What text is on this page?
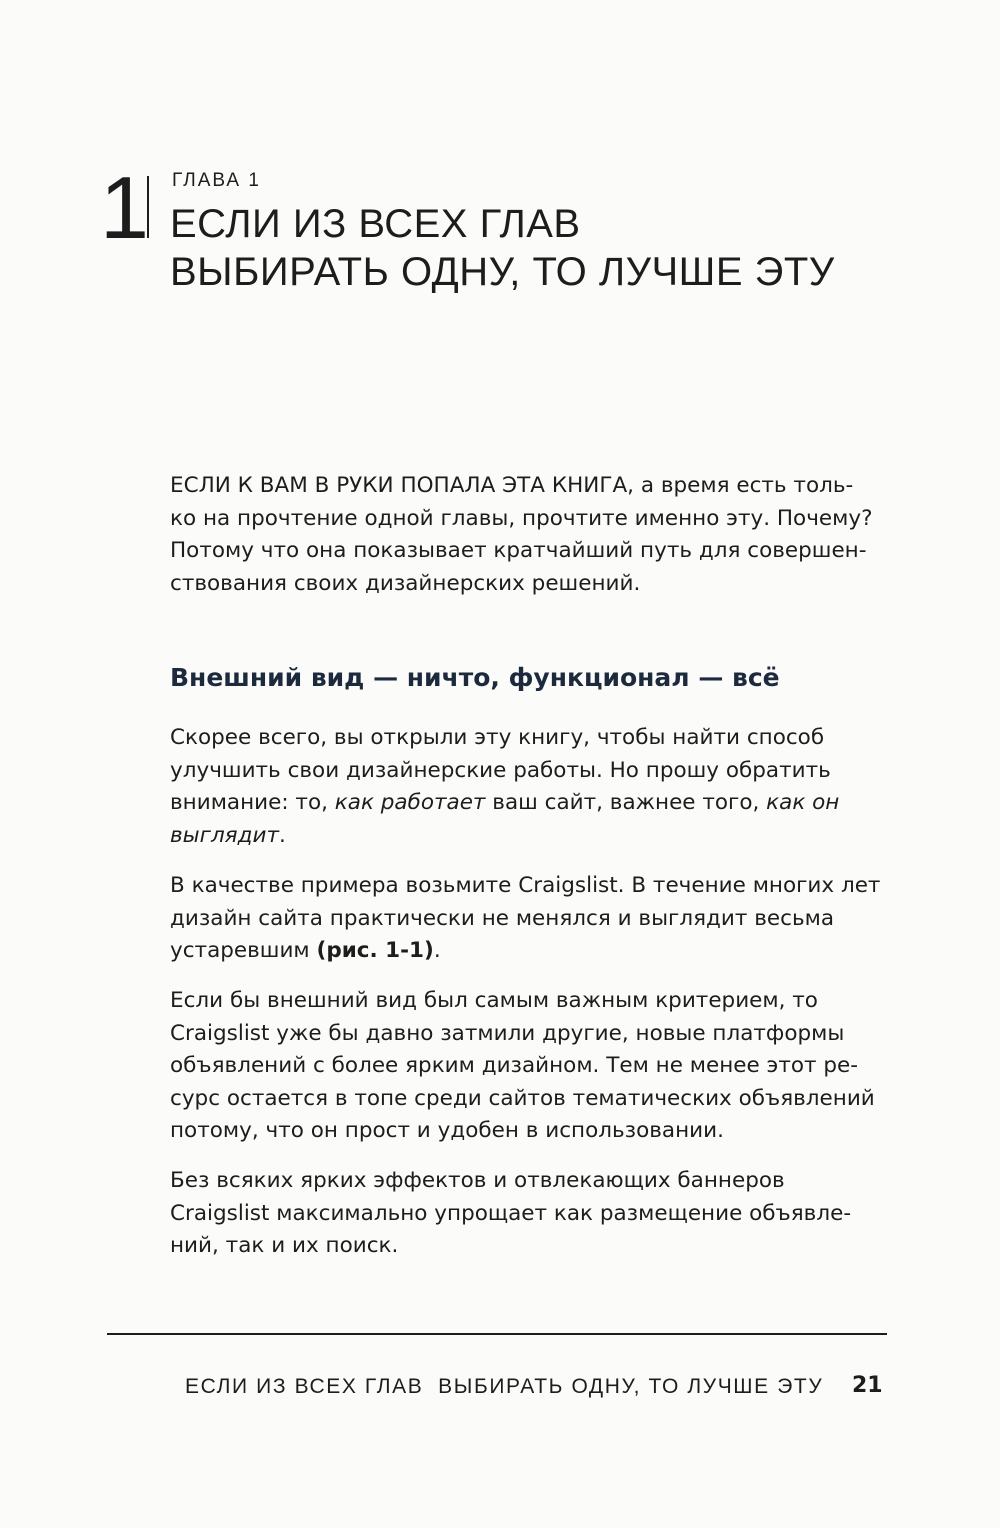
1 ГЛАВА 1
ЕСЛИ ИЗ ВСЕХ ГЛАВ
ВЫБИРАТЬ ОДНУ, ТО ЛУЧШЕ ЭТУ
ЕСЛИ К ВАМ В РУКИ ПОПАЛА ЭТА КНИГА, а время есть толь-
ко на прочтение одной главы, прочтите именно эту. Почему?
Потому что она показывает кратчайший путь для совершен-
ствования своих дизайнерских решений.
Внешний вид — ничто, функционал — всё
Скорее всего, вы открыли эту книгу, чтобы найти способ
улучшить свои дизайнерские работы. Но прошу обратить
внимание: то, как работает ваш сайт, важнее того, как он
выглядит.
В качестве примера возьмите Craigslist. В течение многих лет
дизайн сайта практически не менялся и выглядит весьма
устаревшим (рис. 1-1).
Если бы внешний вид был самым важным критерием, то
Craigslist уже бы давно затмили другие, новые платформы
объявлений с более ярким дизайном. Тем не менее этот ре-
сурс остается в топе среди сайтов тематических объявлений
потому, что он прост и удобен в использовании.
Без всяких ярких эффектов и отвлекающих баннеров
Craigslist максимально упрощает как размещение объявле-
ний, так и их поиск.
ЕСЛИ ИЗ ВСЕХ ГЛАВ  ВЫБИРАТЬ ОДНУ, ТО ЛУЧШЕ ЭТУ 21
